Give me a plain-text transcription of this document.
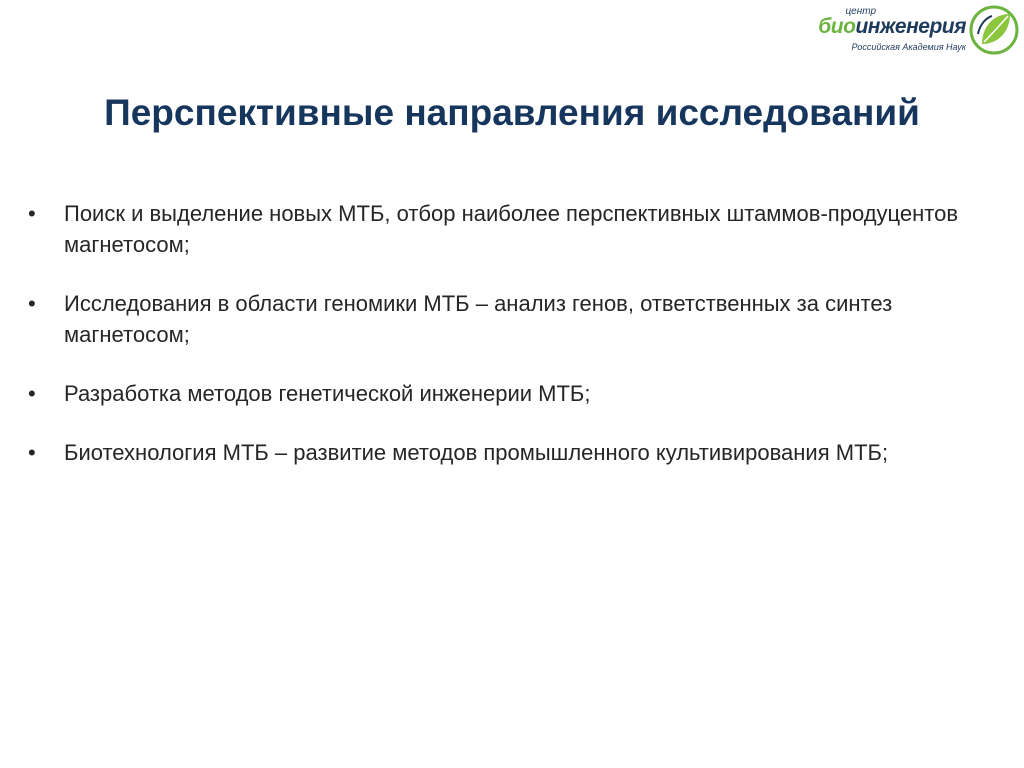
центр
биоинженерия
Российская Академия Наук
Перспективные направления исследований
•	Поиск и выделение новых МТБ, отбор наиболее перспективных штаммов-продуцентов магнетосом;
•	Исследования в области геномики МТБ – анализ генов, ответственных за синтез магнетосом;
•	Разработка методов генетической инженерии МТБ;
•	Биотехнология МТБ – развитие методов промышленного культивирования МТБ;
